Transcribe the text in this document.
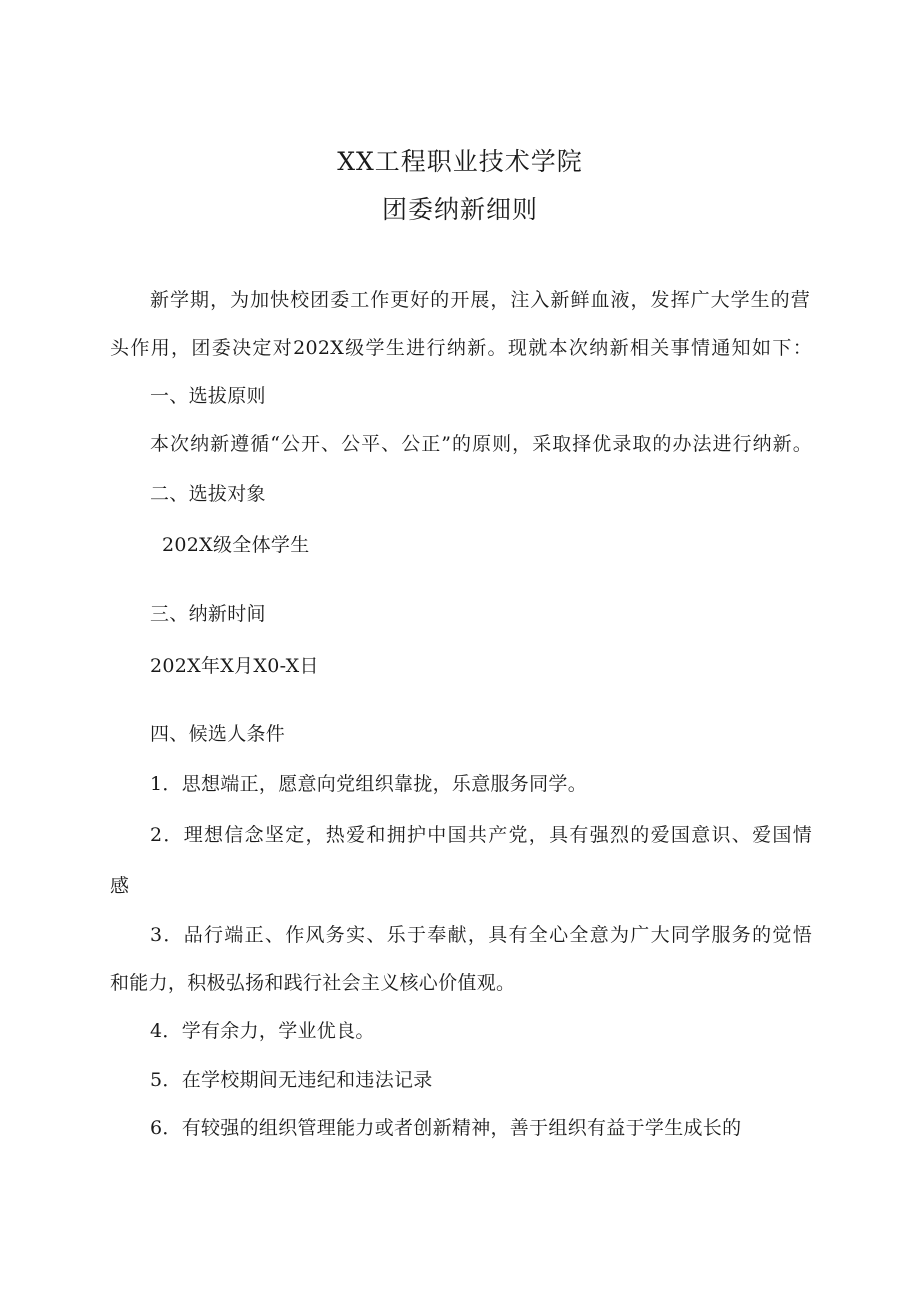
XX工程职业技术学院
团委纳新细则
新学期，为加快校团委工作更好的开展，注入新鲜血液，发挥广大学生的营
头作用，团委决定对202X级学生进行纳新。现就本次纳新相关事情通知如下：
一、选拔原则
本次纳新遵循“公开、公平、公正”的原则，采取择优录取的办法进行纳新。
二、选拔对象
202X级全体学生
三、纳新时间
202X年X月X0-X日
四、候选人条件
1．思想端正，愿意向党组织靠拢，乐意服务同学。
2．理想信念坚定，热爱和拥护中国共产党，具有强烈的爱国意识、爱国情
感
3．品行端正、作风务实、乐于奉献，具有全心全意为广大同学服务的觉悟
和能力，积极弘扬和践行社会主义核心价值观。
4．学有余力，学业优良。
5．在学校期间无违纪和违法记录
6．有较强的组织管理能力或者创新精神，善于组织有益于学生成长的
